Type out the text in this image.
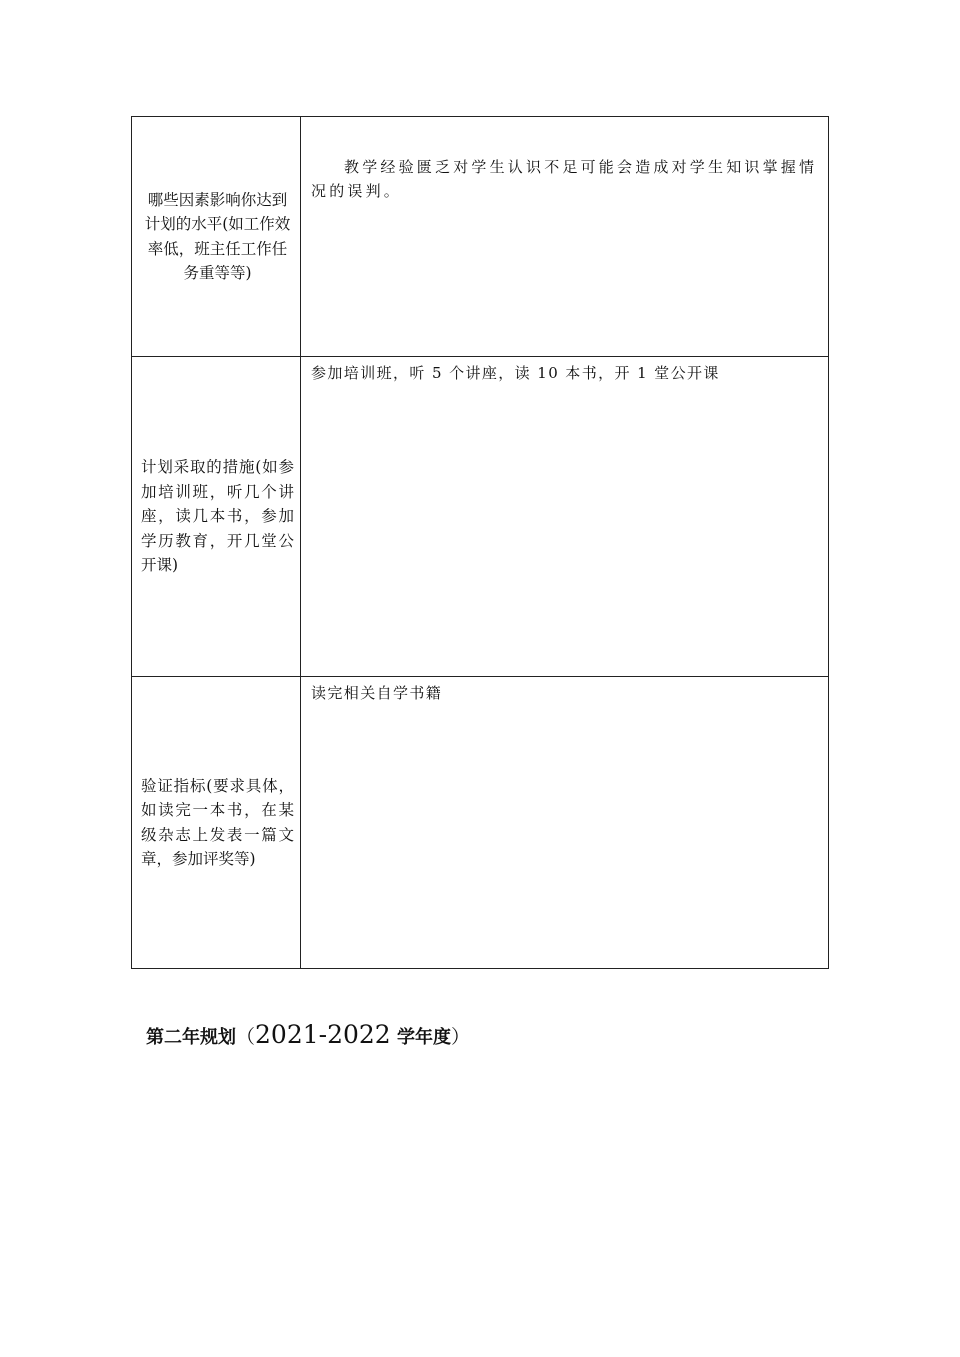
哪些因素影响你达到计划的水平(如工作效率低，班主任工作任务重等等)	教学经验匮乏对学生认识不足可能会造成对学生知识掌握情况的误判。
计划采取的措施(如参加培训班，听几个讲座，读几本书，参加学历教育，开几堂公开课)	参加培训班，听 5 个讲座，读 10 本书，开 1 堂公开课
验证指标(要求具体，如读完一本书，在某级杂志上发表一篇文章，参加评奖等)	读完相关自学书籍
第二年规划（2021-2022 学年度）
